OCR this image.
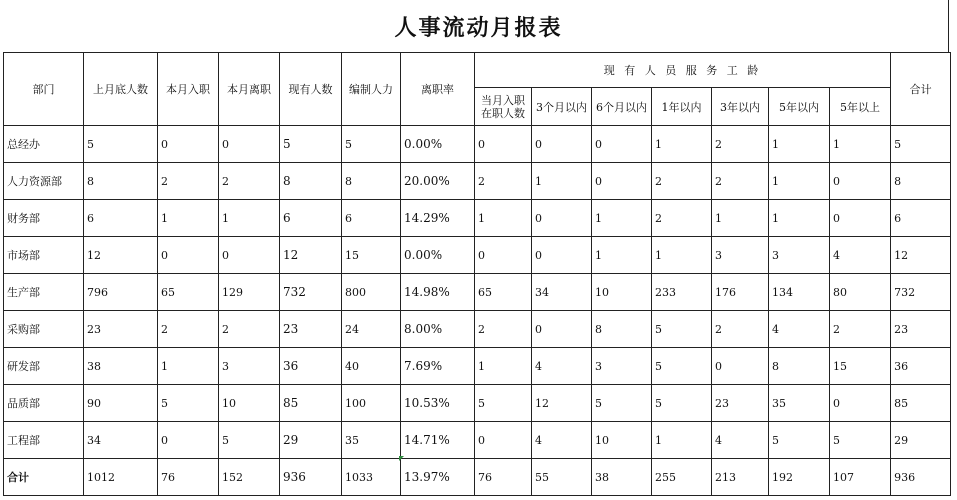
人事流动月报表
部门	上月底人数	本月入职	本月离职	现有人数	编制人力	离职率	现 有 人 员 服 务 工 龄							合计
							当月入职在职人数	3个月以内	6个月以内	1年以内	3年以内	5年以内	5年以上	
总经办	5	0	0	5	5	0.00%	0	0	0	1	2	1	1	5
人力资源部	8	2	2	8	8	20.00%	2	1	0	2	2	1	0	8
财务部	6	1	1	6	6	14.29%	1	0	1	2	1	1	0	6
市场部	12	0	0	12	15	0.00%	0	0	1	1	3	3	4	12
生产部	796	65	129	732	800	14.98%	65	34	10	233	176	134	80	732
采购部	23	2	2	23	24	8.00%	2	0	8	5	2	4	2	23
研发部	38	1	3	36	40	7.69%	1	4	3	5	0	8	15	36
品质部	90	5	10	85	100	10.53%	5	12	5	5	23	35	0	85
工程部	34	0	5	29	35	14.71%	0	4	10	1	4	5	5	29
合计	1012	76	152	936	1033	13.97%	76	55	38	255	213	192	107	936
